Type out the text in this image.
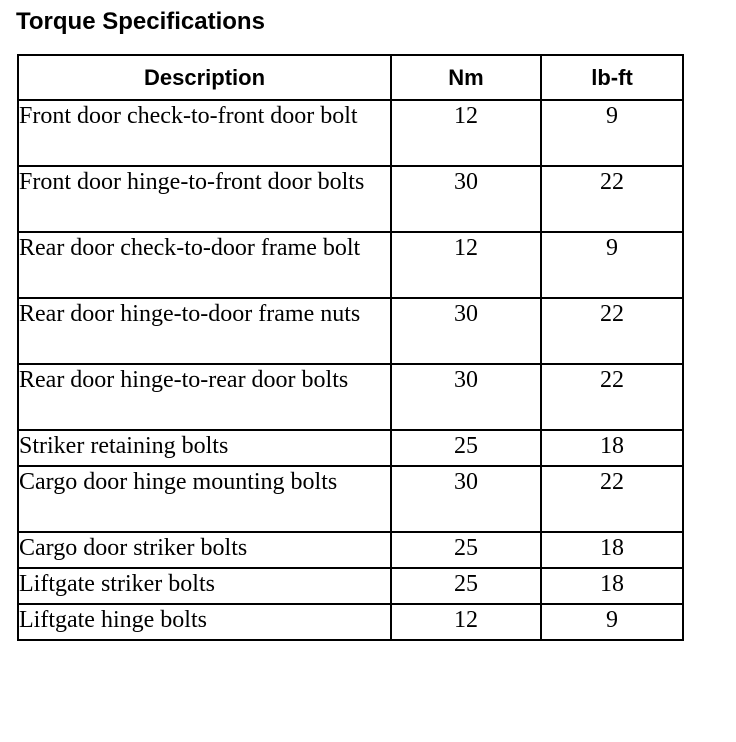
Torque Specifications
Description	Nm	lb-ft
Front door check-to-front door bolt	12	9
Front door hinge-to-front door bolts	30	22
Rear door check-to-door frame bolt	12	9
Rear door hinge-to-door frame nuts	30	22
Rear door hinge-to-rear door bolts	30	22
Striker retaining bolts	25	18
Cargo door hinge mounting bolts	30	22
Cargo door striker bolts	25	18
Liftgate striker bolts	25	18
Liftgate hinge bolts	12	9
